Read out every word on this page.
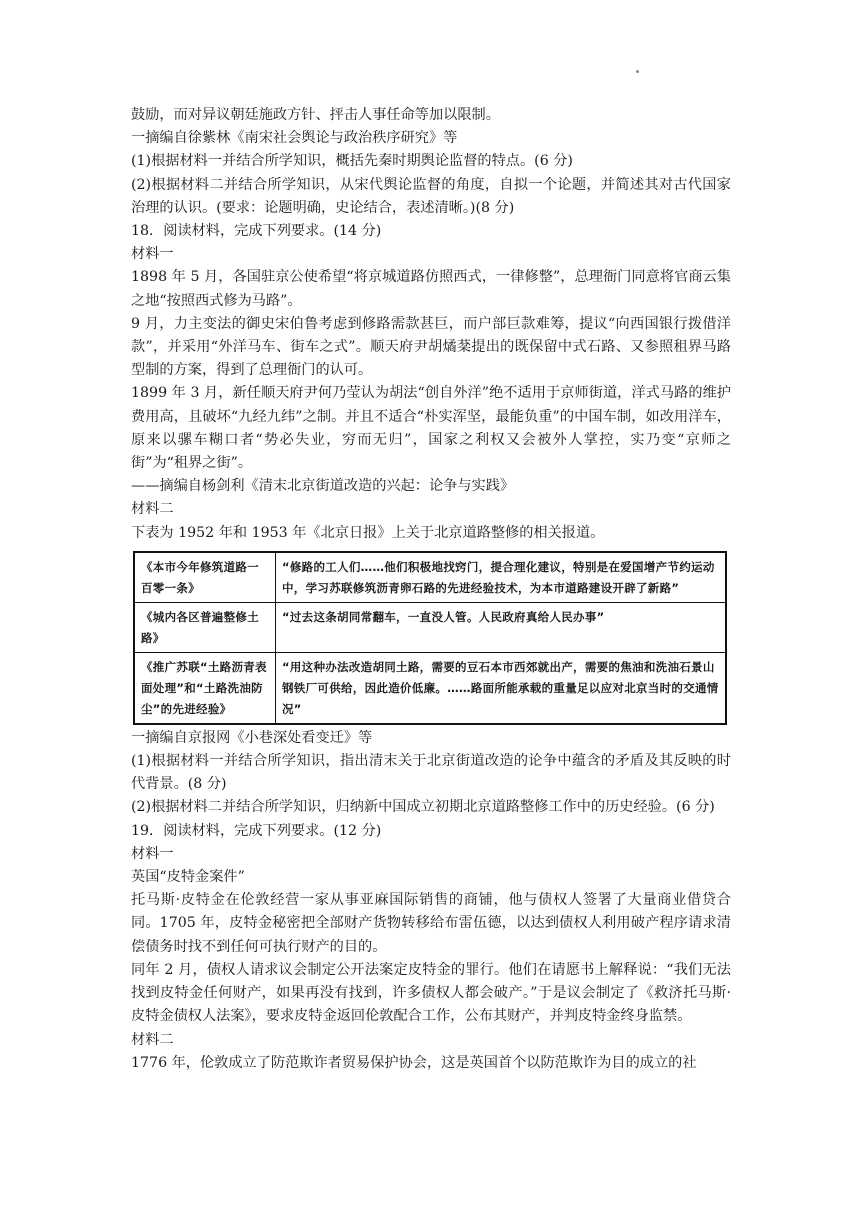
鼓励，而对异议朝廷施政方针、抨击人事任命等加以限制。

一摘编自徐紫林《南宋社会舆论与政治秩序研究》等

(1)根据材料一并结合所学知识，概括先秦时期舆论监督的特点。(6 分)

(2)根据材料二并结合所学知识，从宋代舆论监督的角度，自拟一个论题，并简述其对古代国家治理的认识。(要求：论题明确，史论结合，表述清晰。)(8 分)

18．阅读材料，完成下列要求。(14 分)

材料一

1898 年 5 月，各国驻京公使希望“将京城道路仿照西式，一律修整”，总理衙门同意将官商云集之地“按照西式修为马路”。

9 月，力主变法的御史宋伯鲁考虑到修路需款甚巨，而户部巨款难筹，提议“向西国银行拨借洋款”，并采用“外洋马车、街车之式”。顺天府尹胡燏棻提出的既保留中式石路、又参照租界马路型制的方案，得到了总理衙门的认可。

1899 年 3 月，新任顺天府尹何乃莹认为胡法“创自外洋”绝不适用于京师街道，洋式马路的维护费用高，且破坏“九经九纬”之制。并且不适合“朴实浑坚，最能负重”的中国车制，如改用洋车，原来以骡车糊口者“势必失业，穷而无归”，国家之利权又会被外人掌控，实乃变“京师之街”为“租界之街”。

——摘编自杨剑利《清末北京街道改造的兴起：论争与实践》

材料二

下表为 1952 年和 1953 年《北京日报》上关于北京道路整修的相关报道。

《本市今年修筑道路一百零一条》	“修路的工人们……他们积极地找窍门，提合理化建议，特别是在爱国增产节约运动中，学习苏联修筑沥青卵石路的先进经验技术，为本市道路建设开辟了新路”
《城内各区普遍整修土路》	“过去这条胡同常翻车，一直没人管。人民政府真给人民办事”
《推广苏联“土路沥青表面处理”和“土路洗油防尘”的先进经验》	“用这种办法改造胡同土路，需要的豆石本市西郊就出产，需要的焦油和洗油石景山钢铁厂可供给，因此造价低廉。……路面所能承载的重量足以应对北京当时的交通情况”

一摘编自京报网《小巷深处看变迁》等

(1)根据材料一并结合所学知识，指出清末关于北京街道改造的论争中蕴含的矛盾及其反映的时代背景。(8 分)

(2)根据材料二并结合所学知识，归纳新中国成立初期北京道路整修工作中的历史经验。(6 分)

19．阅读材料，完成下列要求。(12 分)

材料一

英国“皮特金案件”

托马斯·皮特金在伦敦经营一家从事亚麻国际销售的商铺，他与债权人签署了大量商业借贷合同。1705 年，皮特金秘密把全部财产货物转移给布雷伍德，以达到债权人利用破产程序请求清偿债务时找不到任何可执行财产的目的。

同年 2 月，债权人请求议会制定公开法案定皮特金的罪行。他们在请愿书上解释说：“我们无法找到皮特金任何财产，如果再没有找到，许多债权人都会破产。”于是议会制定了《救济托马斯·皮特金债权人法案》，要求皮特金返回伦敦配合工作，公布其财产，并判皮特金终身监禁。

材料二

1776 年，伦敦成立了防范欺诈者贸易保护协会，这是英国首个以防范欺诈为目的成立的社
